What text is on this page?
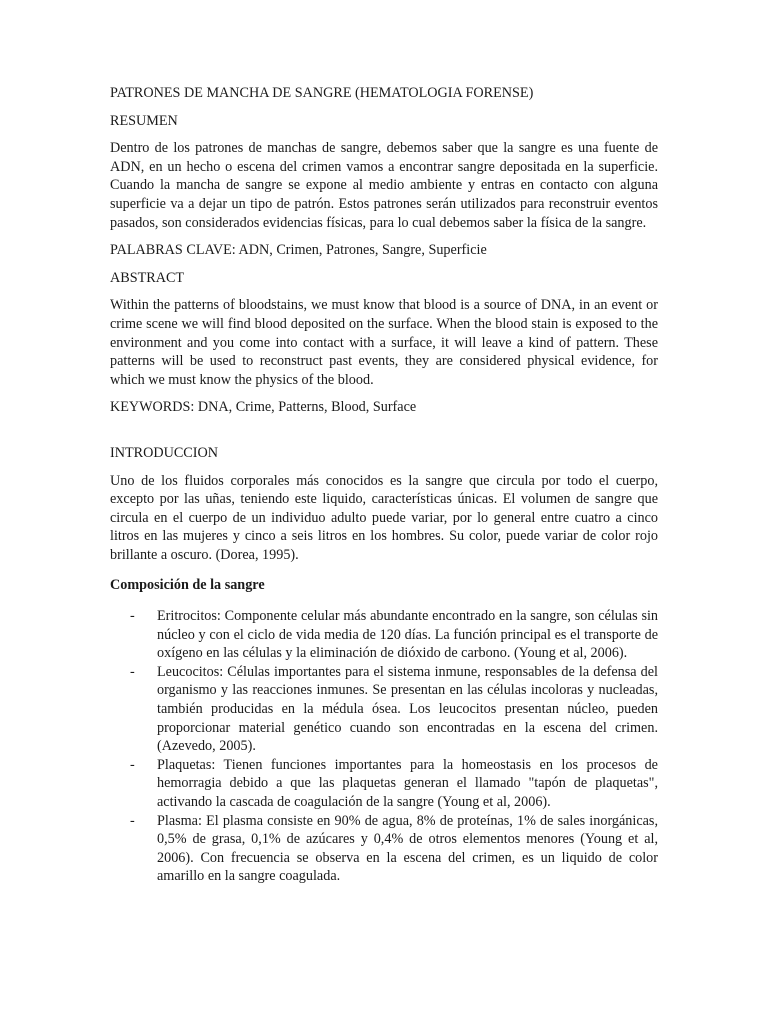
PATRONES DE MANCHA DE SANGRE (HEMATOLOGIA FORENSE)

RESUMEN

Dentro de los patrones de manchas de sangre, debemos saber que la sangre es una fuente de ADN, en un hecho o escena del crimen vamos a encontrar sangre depositada en la superficie. Cuando la mancha de sangre se expone al medio ambiente y entras en contacto con alguna superficie va a dejar un tipo de patrón. Estos patrones serán utilizados para reconstruir eventos pasados, son considerados evidencias físicas, para lo cual debemos saber la física de la sangre.

PALABRAS CLAVE: ADN, Crimen, Patrones, Sangre, Superficie

ABSTRACT

Within the patterns of bloodstains, we must know that blood is a source of DNA, in an event or crime scene we will find blood deposited on the surface. When the blood stain is exposed to the environment and you come into contact with a surface, it will leave a kind of pattern. These patterns will be used to reconstruct past events, they are considered physical evidence, for which we must know the physics of the blood.

KEYWORDS: DNA, Crime, Patterns, Blood, Surface

INTRODUCCION

Uno de los fluidos corporales más conocidos es la sangre que circula por todo el cuerpo, excepto por las uñas, teniendo este liquido, características únicas. El volumen de sangre que circula en el cuerpo de un individuo adulto puede variar, por lo general entre cuatro a cinco litros en las mujeres y cinco a seis litros en los hombres. Su color, puede variar de color rojo brillante a oscuro. (Dorea, 1995).

Composición de la sangre

- Eritrocitos: Componente celular más abundante encontrado en la sangre, son células sin núcleo y con el ciclo de vida media de 120 días. La función principal es el transporte de oxígeno en las células y la eliminación de dióxido de carbono. (Young et al, 2006).
- Leucocitos: Células importantes para el sistema inmune, responsables de la defensa del organismo y las reacciones inmunes. Se presentan en las células incoloras y nucleadas, también producidas en la médula ósea. Los leucocitos presentan núcleo, pueden proporcionar material genético cuando son encontradas en la escena del crimen. (Azevedo, 2005).
- Plaquetas: Tienen funciones importantes para la homeostasis en los procesos de hemorragia debido a que las plaquetas generan el llamado "tapón de plaquetas", activando la cascada de coagulación de la sangre (Young et al, 2006).
- Plasma: El plasma consiste en 90% de agua, 8% de proteínas, 1% de sales inorgánicas, 0,5% de grasa, 0,1% de azúcares y 0,4% de otros elementos menores (Young et al, 2006). Con frecuencia se observa en la escena del crimen, es un liquido de color amarillo en la sangre coagulada.
